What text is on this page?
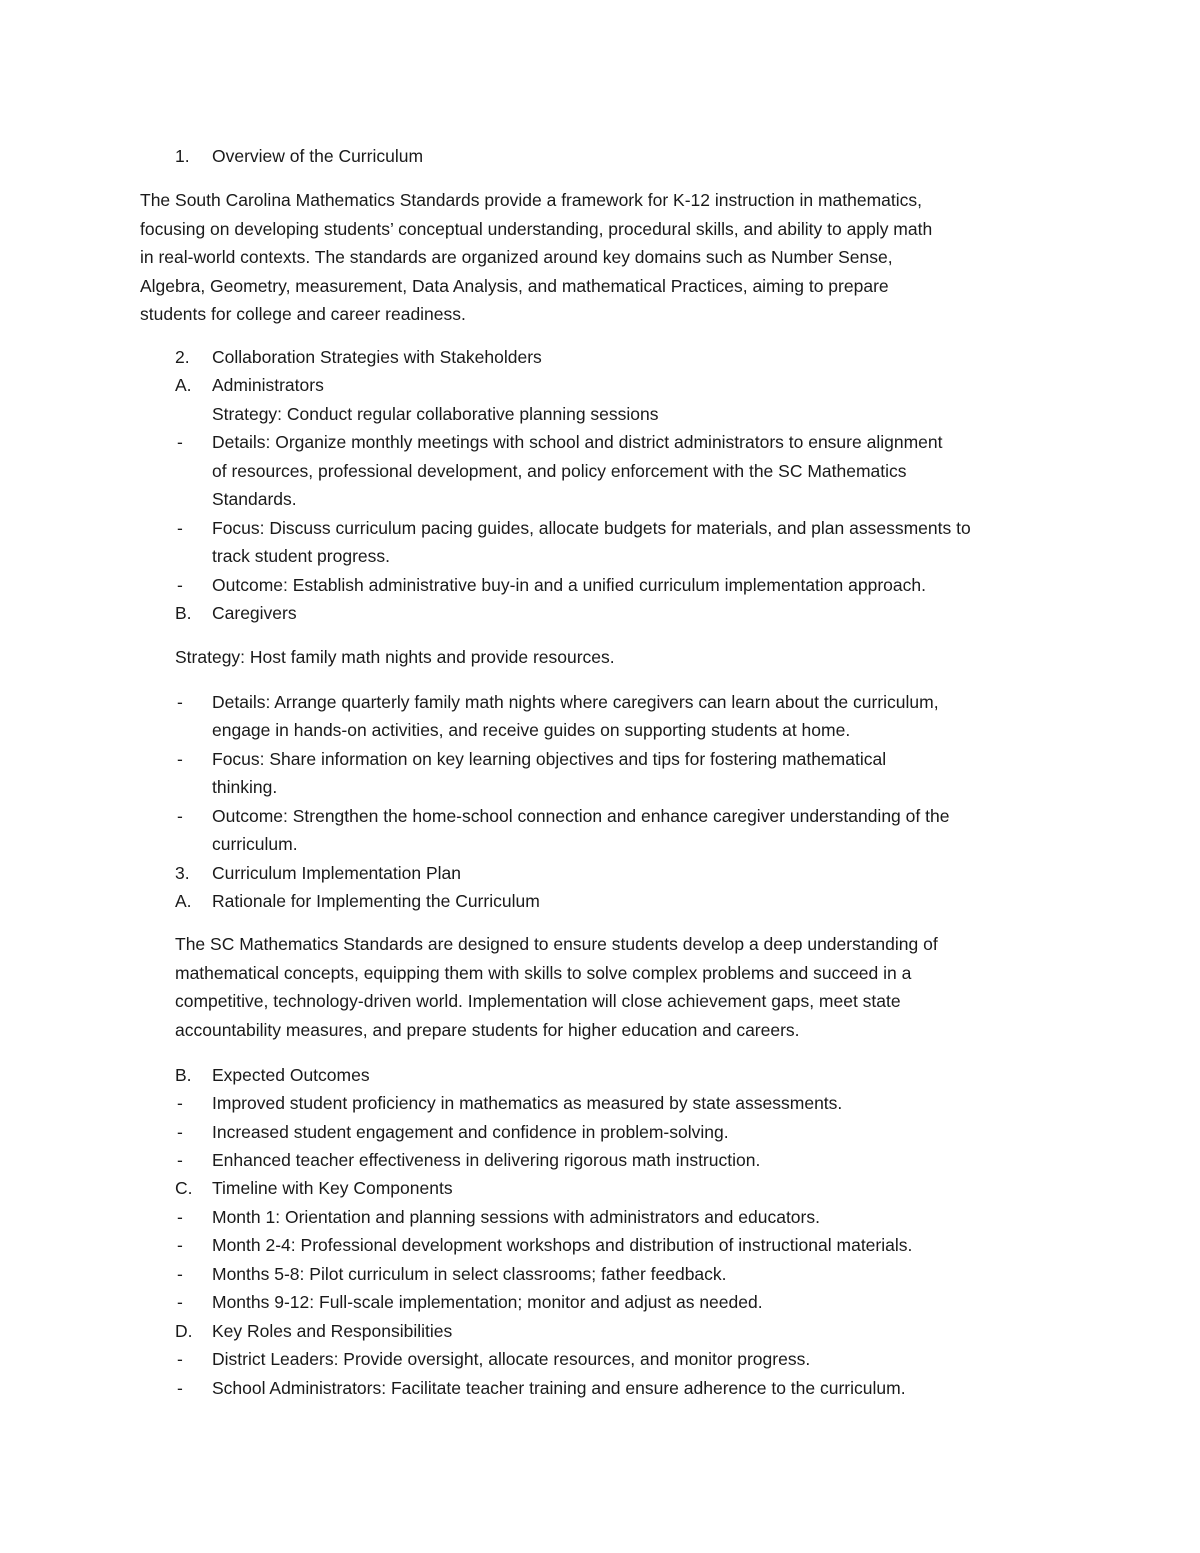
1. Overview of the Curriculum
The South Carolina Mathematics Standards provide a framework for K-12 instruction in mathematics,
focusing on developing students’ conceptual understanding, procedural skills, and ability to apply math
in real-world contexts. The standards are organized around key domains such as Number Sense,
Algebra, Geometry, measurement, Data Analysis, and mathematical Practices, aiming to prepare
students for college and career readiness.
2. Collaboration Strategies with Stakeholders
A. Administrators
Strategy: Conduct regular collaborative planning sessions
- Details: Organize monthly meetings with school and district administrators to ensure alignment
of resources, professional development, and policy enforcement with the SC Mathematics
Standards.
- Focus: Discuss curriculum pacing guides, allocate budgets for materials, and plan assessments to
track student progress.
- Outcome: Establish administrative buy-in and a unified curriculum implementation approach.
B. Caregivers
Strategy: Host family math nights and provide resources.
- Details: Arrange quarterly family math nights where caregivers can learn about the curriculum,
engage in hands-on activities, and receive guides on supporting students at home.
- Focus: Share information on key learning objectives and tips for fostering mathematical
thinking.
- Outcome: Strengthen the home-school connection and enhance caregiver understanding of the
curriculum.
3. Curriculum Implementation Plan
A. Rationale for Implementing the Curriculum
The SC Mathematics Standards are designed to ensure students develop a deep understanding of
mathematical concepts, equipping them with skills to solve complex problems and succeed in a
competitive, technology-driven world. Implementation will close achievement gaps, meet state
accountability measures, and prepare students for higher education and careers.
B. Expected Outcomes
- Improved student proficiency in mathematics as measured by state assessments.
- Increased student engagement and confidence in problem-solving.
- Enhanced teacher effectiveness in delivering rigorous math instruction.
C. Timeline with Key Components
- Month 1: Orientation and planning sessions with administrators and educators.
- Month 2-4: Professional development workshops and distribution of instructional materials.
- Months 5-8: Pilot curriculum in select classrooms; father feedback.
- Months 9-12: Full-scale implementation; monitor and adjust as needed.
D. Key Roles and Responsibilities
- District Leaders: Provide oversight, allocate resources, and monitor progress.
- School Administrators: Facilitate teacher training and ensure adherence to the curriculum.
